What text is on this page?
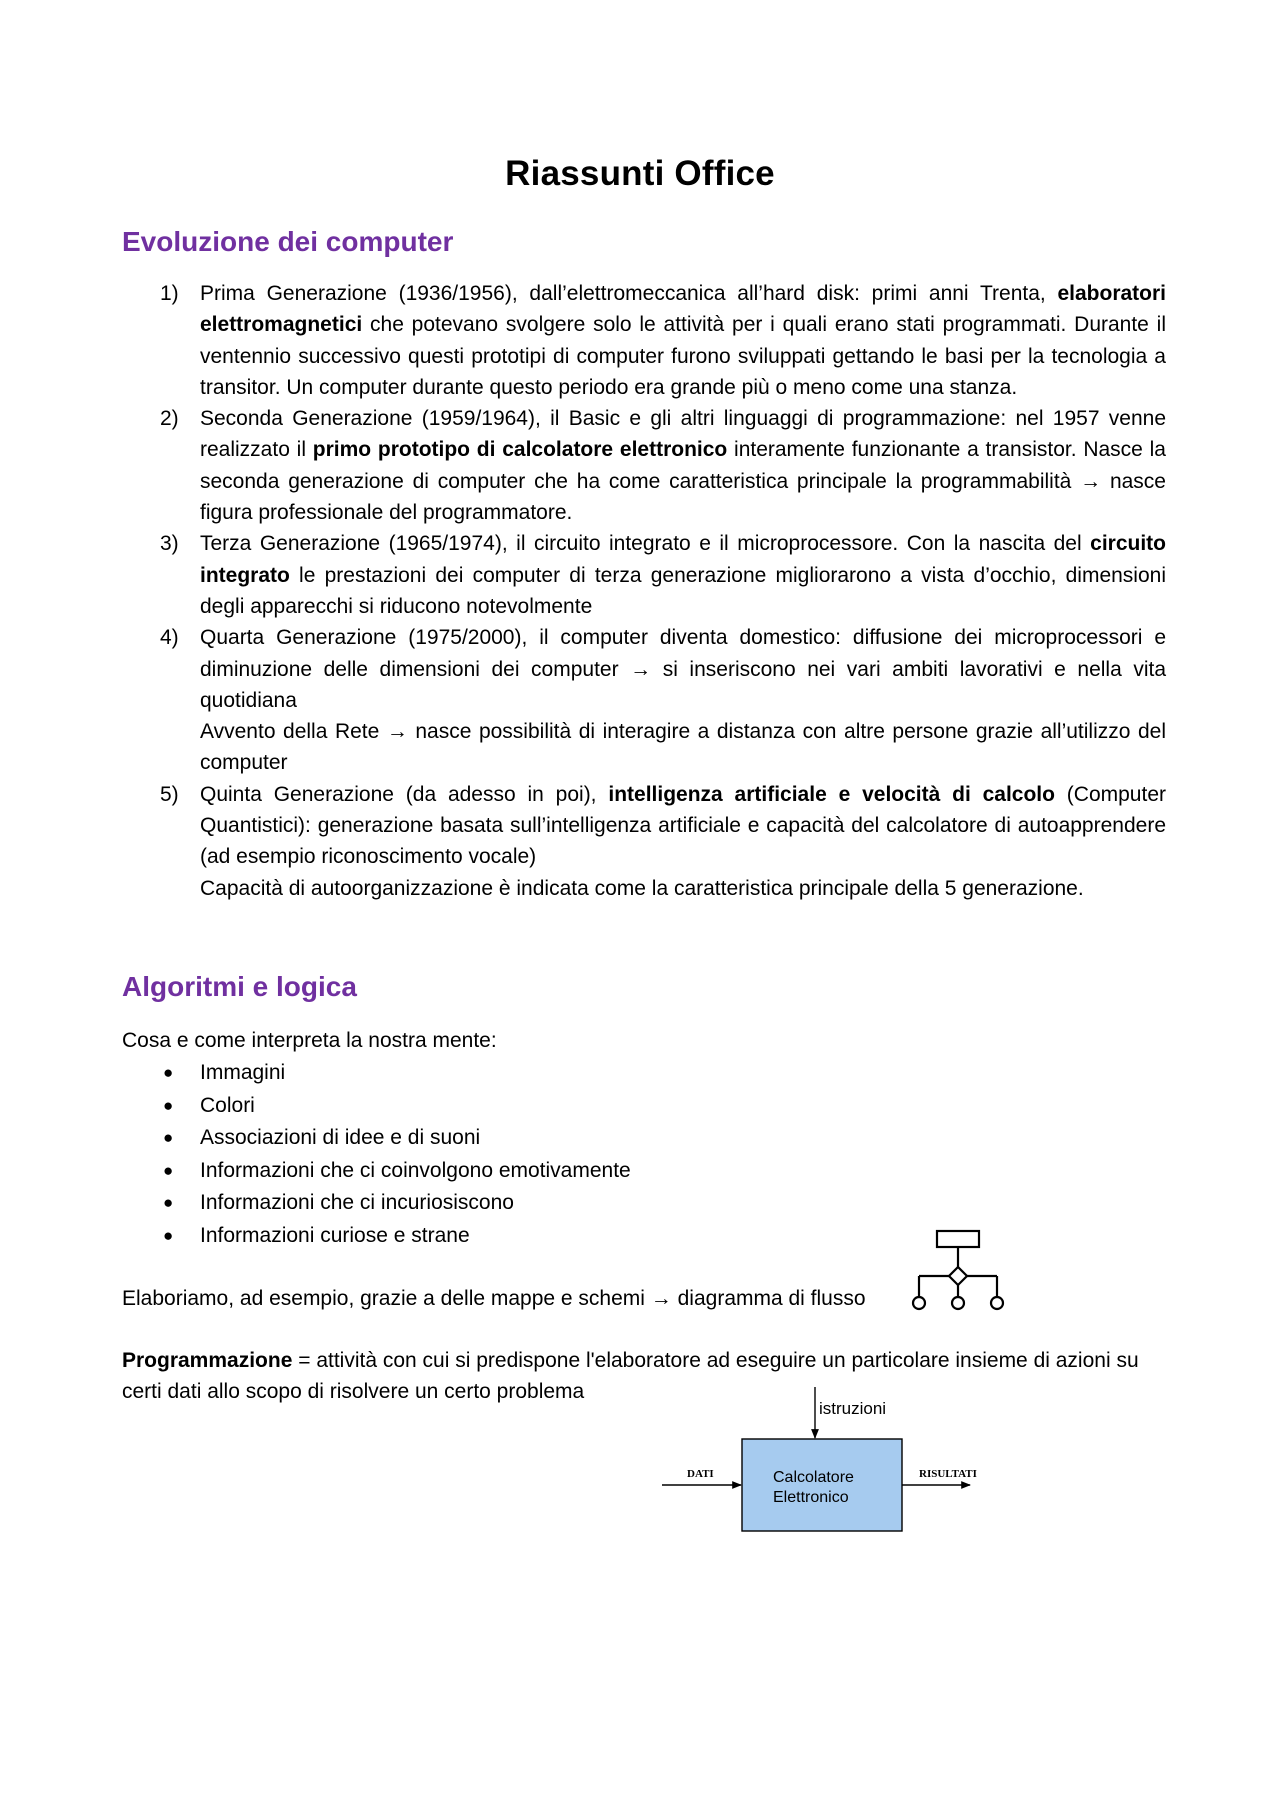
Riassunti Office
Evoluzione dei computer
1) Prima Generazione (1936/1956), dall’elettromeccanica all’hard disk: primi anni Trenta, elaboratori elettromagnetici che potevano svolgere solo le attività per i quali erano stati programmati. Durante il ventennio successivo questi prototipi di computer furono sviluppati gettando le basi per la tecnologia a transitor. Un computer durante questo periodo era grande più o meno come una stanza.
2) Seconda Generazione (1959/1964), il Basic e gli altri linguaggi di programmazione: nel 1957 venne realizzato il primo prototipo di calcolatore elettronico interamente funzionante a transistor. Nasce la seconda generazione di computer che ha come caratteristica principale la programmabilità → nasce figura professionale del programmatore.
3) Terza Generazione (1965/1974), il circuito integrato e il microprocessore. Con la nascita del circuito integrato le prestazioni dei computer di terza generazione migliorarono a vista d’occhio, dimensioni degli apparecchi si riducono notevolmente
4) Quarta Generazione (1975/2000), il computer diventa domestico: diffusione dei microprocessori e diminuzione delle dimensioni dei computer → si inseriscono nei vari ambiti lavorativi e nella vita quotidiana
Avvento della Rete → nasce possibilità di interagire a distanza con altre persone grazie all’utilizzo del computer
5) Quinta Generazione (da adesso in poi), intelligenza artificiale e velocità di calcolo (Computer Quantistici): generazione basata sull’intelligenza artificiale e capacità del calcolatore di autoapprendere (ad esempio riconoscimento vocale)
Capacità di autoorganizzazione è indicata come la caratteristica principale della 5 generazione.
Algoritmi e logica
Cosa e come interpreta la nostra mente:
● Immagini
● Colori
● Associazioni di idee e di suoni
● Informazioni che ci coinvolgono emotivamente
● Informazioni che ci incuriosiscono
● Informazioni curiose e strane
Elaboriamo, ad esempio, grazie a delle mappe e schemi → diagramma di flusso
Programmazione = attività con cui si predispone l'elaboratore ad eseguire un particolare insieme di azioni su certi dati allo scopo di risolvere un certo problema
istruzioni
Calcolatore
Elettronico
DATI	RISULTATI
